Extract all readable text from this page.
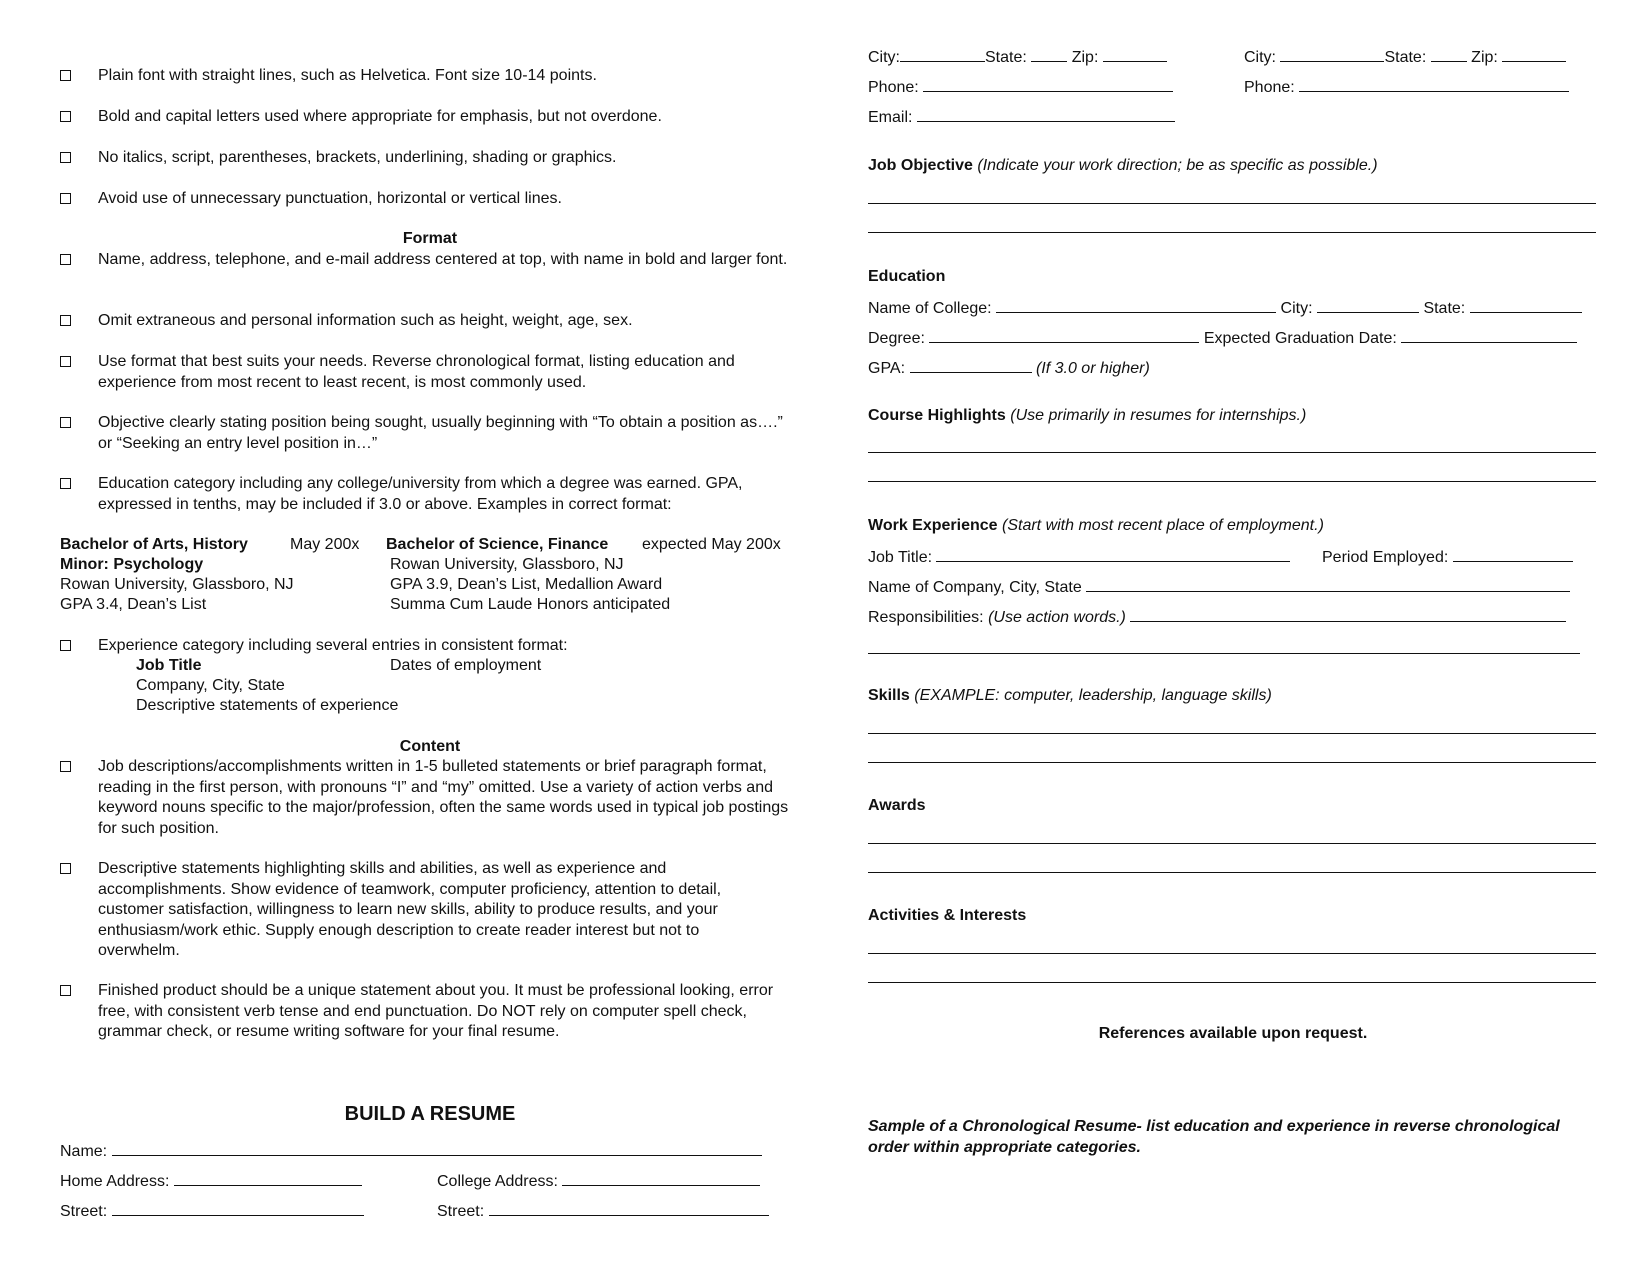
Plain font with straight lines, such as Helvetica. Font size 10-14 points.
Bold and capital letters used where appropriate for emphasis, but not overdone.
No italics, script, parentheses, brackets, underlining, shading or graphics.
Avoid use of unnecessary punctuation, horizontal or vertical lines.
Format
Name, address, telephone, and e-mail address centered at top, with name in bold and larger font.
Omit extraneous and personal information such as height, weight, age, sex.
Use format that best suits your needs. Reverse chronological format, listing education and experience from most recent to least recent, is most commonly used.
Objective clearly stating position being sought, usually beginning with “To obtain a position as….” or “Seeking an entry level position in…”
Education category including any college/university from which a degree was earned. GPA, expressed in tenths, may be included if 3.0 or above. Examples in correct format:
Bachelor of Arts, History	May 200x
Minor: Psychology
Rowan University, Glassboro, NJ
GPA 3.4, Dean’s List
Bachelor of Science, Finance expected May 200x
Rowan University, Glassboro, NJ
GPA 3.9, Dean’s List, Medallion Award
Summa Cum Laude Honors anticipated
Experience category including several entries in consistent format:
Job Title	Dates of employment
Company, City, State
Descriptive statements of experience
Content
Job descriptions/accomplishments written in 1-5 bulleted statements or brief paragraph format, reading in the first person, with pronouns “I” and “my” omitted. Use a variety of action verbs and keyword nouns specific to the major/profession, often the same words used in typical job postings for such position.
Descriptive statements highlighting skills and abilities, as well as experience and accomplishments. Show evidence of teamwork, computer proficiency, attention to detail, customer satisfaction, willingness to learn new skills, ability to produce results, and your enthusiasm/work ethic. Supply enough description to create reader interest but not to overwhelm.
Finished product should be a unique statement about you. It must be professional looking, error free, with consistent verb tense and end punctuation. Do NOT rely on computer spell check, grammar check, or resume writing software for your final resume.
BUILD A RESUME
Name:
Home Address:	College Address:
Street:	Street:
City:	State:	Zip:	City:	State:	Zip:
Phone:	Phone:
Email:
Job Objective (Indicate your work direction; be as specific as possible.)
Education
Name of College:	City:	State:
Degree:	Expected Graduation Date:
GPA:	(If 3.0 or higher)
Course Highlights (Use primarily in resumes for internships.)
Work Experience (Start with most recent place of employment.)
Job Title:	Period Employed:
Name of Company, City, State
Responsibilities: (Use action words.)
Skills (EXAMPLE: computer, leadership, language skills)
Awards
Activities & Interests
References available upon request.
Sample of a Chronological Resume- list education and experience in reverse chronological order within appropriate categories.
